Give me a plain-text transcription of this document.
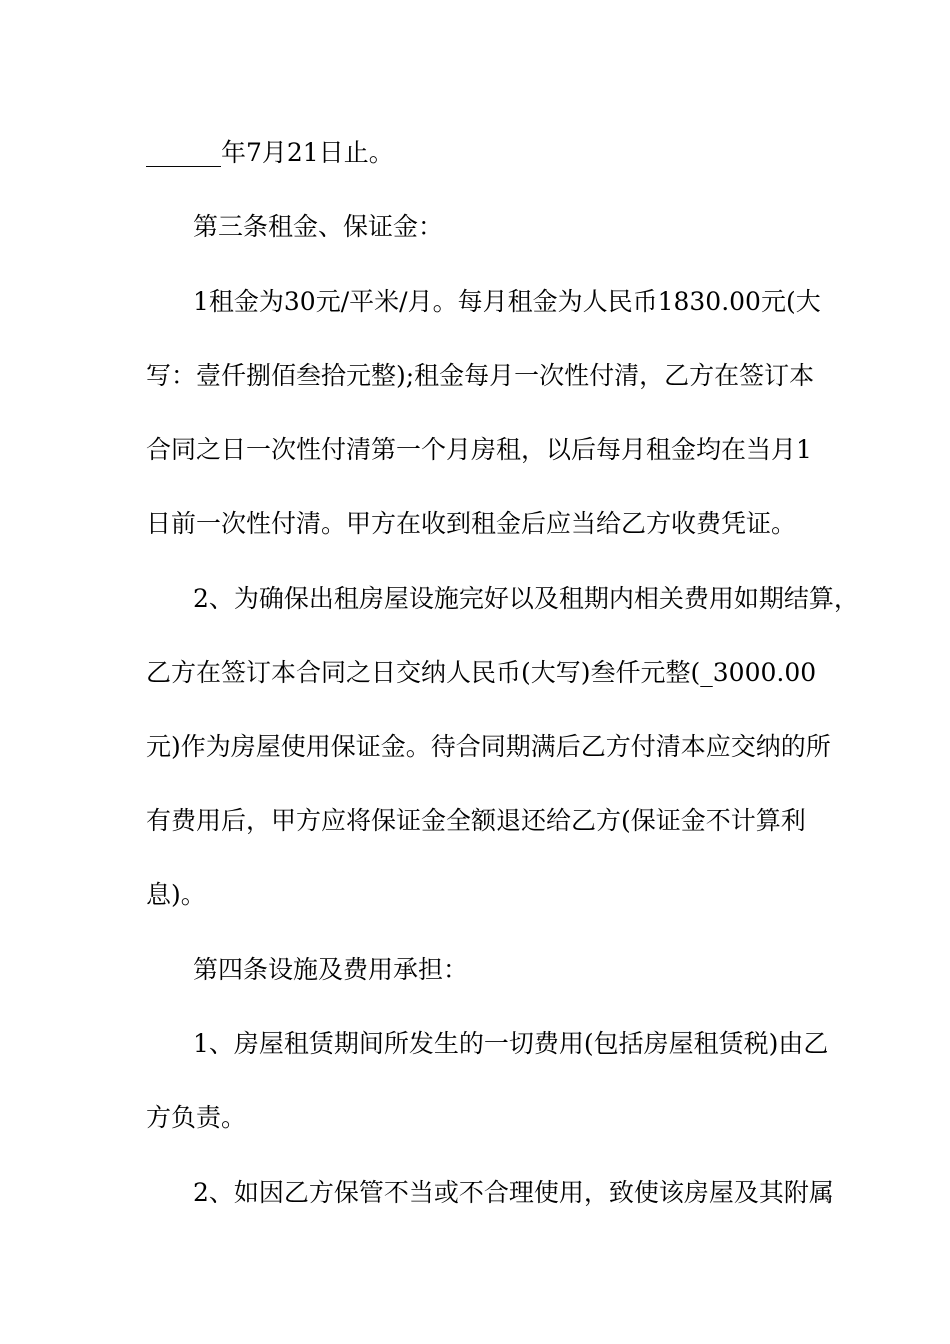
______年7月21日止。
第三条租金、保证金：
1租金为30元/平米/月。每月租金为人民币1830.00元(大
写：壹仟捌佰叁拾元整);租金每月一次性付清，乙方在签订本
合同之日一次性付清第一个月房租，以后每月租金均在当月1
日前一次性付清。甲方在收到租金后应当给乙方收费凭证。
2、为确保出租房屋设施完好以及租期内相关费用如期结算，
乙方在签订本合同之日交纳人民币(大写)叁仟元整(_3000.00
元)作为房屋使用保证金。待合同期满后乙方付清本应交纳的所
有费用后，甲方应将保证金全额退还给乙方(保证金不计算利
息)。
第四条设施及费用承担：
1、房屋租赁期间所发生的一切费用(包括房屋租赁税)由乙
方负责。
2、如因乙方保管不当或不合理使用，致使该房屋及其附属
